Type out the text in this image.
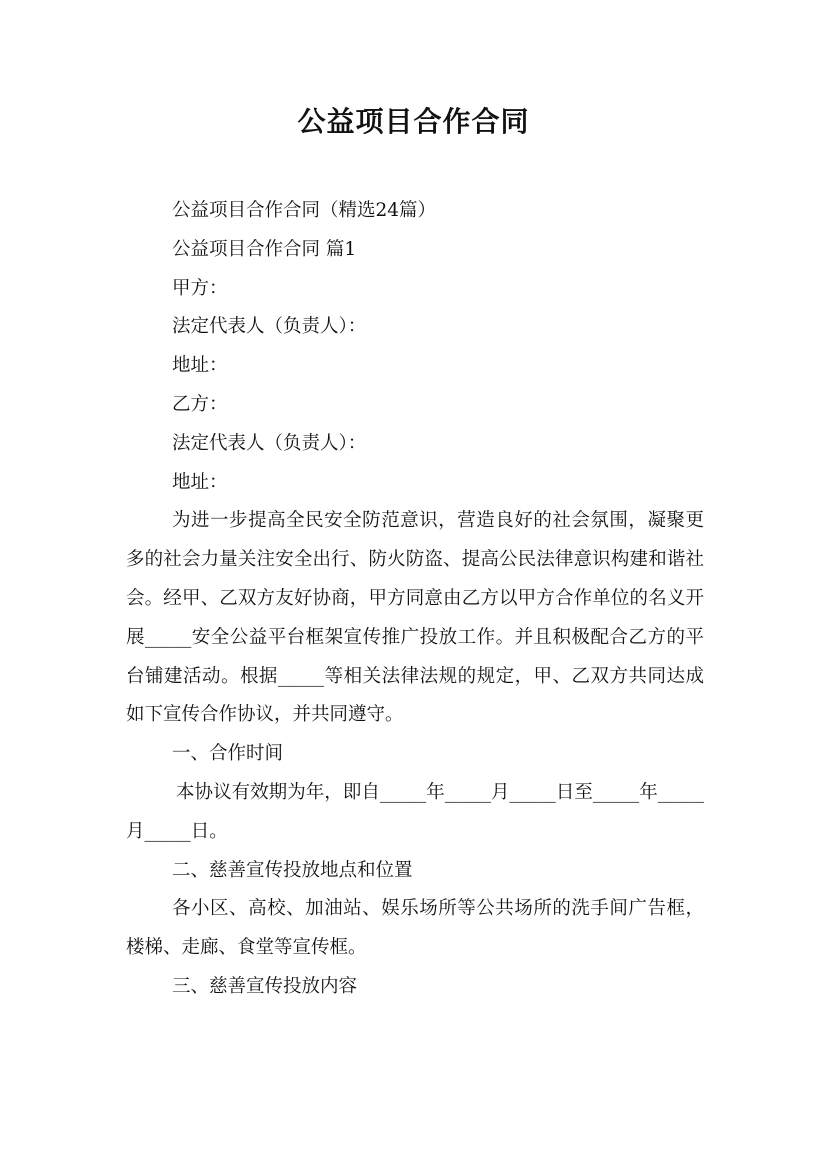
公益项目合作合同
公益项目合作合同（精选24篇）
公益项目合作合同 篇1
甲方：
法定代表人（负责人）：
地址：
乙方：
法定代表人（负责人）：
地址：

为进一步提高全民安全防范意识，营造良好的社会氛围，凝聚更多的社会力量关注安全出行、防火防盗、提高公民法律意识构建和谐社会。经甲、乙双方友好协商，甲方同意由乙方以甲方合作单位的名义开展_____安全公益平台框架宣传推广投放工作。并且积极配合乙方的平台铺建活动。根据_____等相关法律法规的规定，甲、乙双方共同达成如下宣传合作协议，并共同遵守。

一、合作时间

本协议有效期为年，即自_____年_____月_____日至_____年_____月_____日。

二、慈善宣传投放地点和位置

各小区、高校、加油站、娱乐场所等公共场所的洗手间广告框，楼梯、走廊、食堂等宣传框。

三、慈善宣传投放内容
